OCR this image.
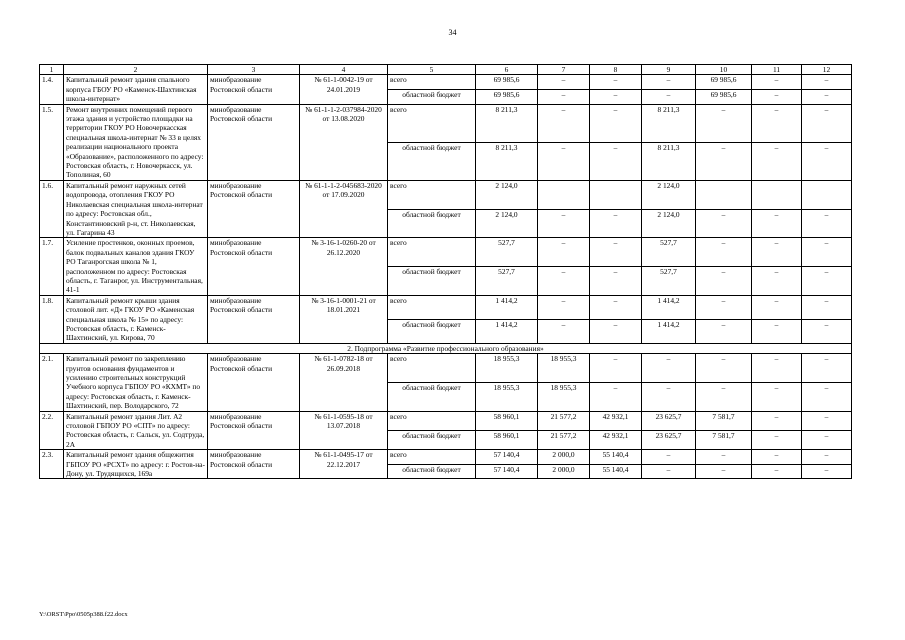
34
1	2	3	4	5	6	7	8	9	10	11	12
1.4.	Капитальный ремонт здания спального корпуса ГБОУ РО «Каменск-Шахтинская школа-интернат»	минобразование Ростовской области	№ 61-1-0042-19 от 24.01.2019	всего	69 985,6	–	–	–	69 985,6	–	–
				областной бюджет	69 985,6	–	–	–	69 985,6	–	–
1.5.	Ремонт внутренних помещений первого этажа здания и устройство площадки на территории ГКОУ РО Новочеркасская специальная школа-интернат № 33 в целях реализации национального проекта «Образование», расположенного по адресу: Ростовская область, г. Новочеркасск, ул. Тополиная, 60	минобразование Ростовской области	№ 61-1-1-2-037984-2020 от 13.08.2020	всего	8 211,3	–	–	8 211,3	–	–	–
				областной бюджет	8 211,3	–	–	8 211,3	–	–	–
1.6.	Капитальный ремонт наружных сетей водопровода, отопления ГКОУ РО Николаевская специальная школа-интернат по адресу: Ростовская обл., Константиновский р-н, ст. Николаевская, ул. Гагарина 43	минобразование Ростовской области	№ 61-1-1-2-045683-2020 от 17.09.2020	всего	2 124,0			2 124,0			
				областной бюджет	2 124,0	–	–	2 124,0	–	–	–
1.7.	Усиление простенков, оконных проемов, балок подвальных каналов здания ГКОУ РО Таганрогская школа № 1, расположенном по адресу: Ростовская область, г. Таганрог, ул. Инструментальная, 41-1	минобразование Ростовской области	№ 3-16-1-0260-20 от 26.12.2020	всего	527,7	–	–	527,7	–	–	–
				областной бюджет	527,7	–	–	527,7	–	–	–
1.8.	Капитальный ремонт крыши здания столовой лит. «Д» ГКОУ РО «Каменская специальная школа № 15» по адресу: Ростовская область, г. Каменск-Шахтинский, ул. Кирова, 70	минобразование Ростовской области	№ 3-16-1-0001-21 от 18.01.2021	всего	1 414,2	–	–	1 414,2	–	–	–
				областной бюджет	1 414,2	–	–	1 414,2	–	–	–
2. Подпрограмма «Развитие профессионального образования»											
2.1.	Капитальный ремонт по закреплению грунтов основания фундаментов и усилению строительных конструкций Учебного корпуса ГБПОУ РО «КХМТ» по адресу: Ростовская область, г. Каменск-Шахтинский, пер. Володарского, 72	минобразование Ростовской области	№ 61-1-0782-18 от 26.09.2018	всего	18 955,3	18 955,3	–	–	–	–	–
				областной бюджет	18 955,3	18 955,3	–	–	–	–	–
2.2.	Капитальный ремонт здания Лит. А2 столовой ГБПОУ РО «СПТ» по адресу: Ростовская область, г. Сальск, ул. Содтруда, 2А	минобразование Ростовской области	№ 61-1-0595-18 от 13.07.2018	всего	58 960,1	21 577,2	42 932,1	23 625,7	7 581,7	–	–
				областной бюджет	58 960,1	21 577,2	42 932,1	23 625,7	7 581,7	–	–
2.3.	Капитальный ремонт здания общежития ГБПОУ РО «РСХТ» по адресу: г. Ростов-на-Дону, ул. Трудящихся, 169а	минобразование Ростовской области	№ 61-1-0495-17 от 22.12.2017	всего	57 140,4	2 000,0	55 140,4	–	–	–	–
				областной бюджет	57 140,4	2 000,0	55 140,4	–	–	–	–
Y:\ORST\Ppo\0505p388.f22.docx
